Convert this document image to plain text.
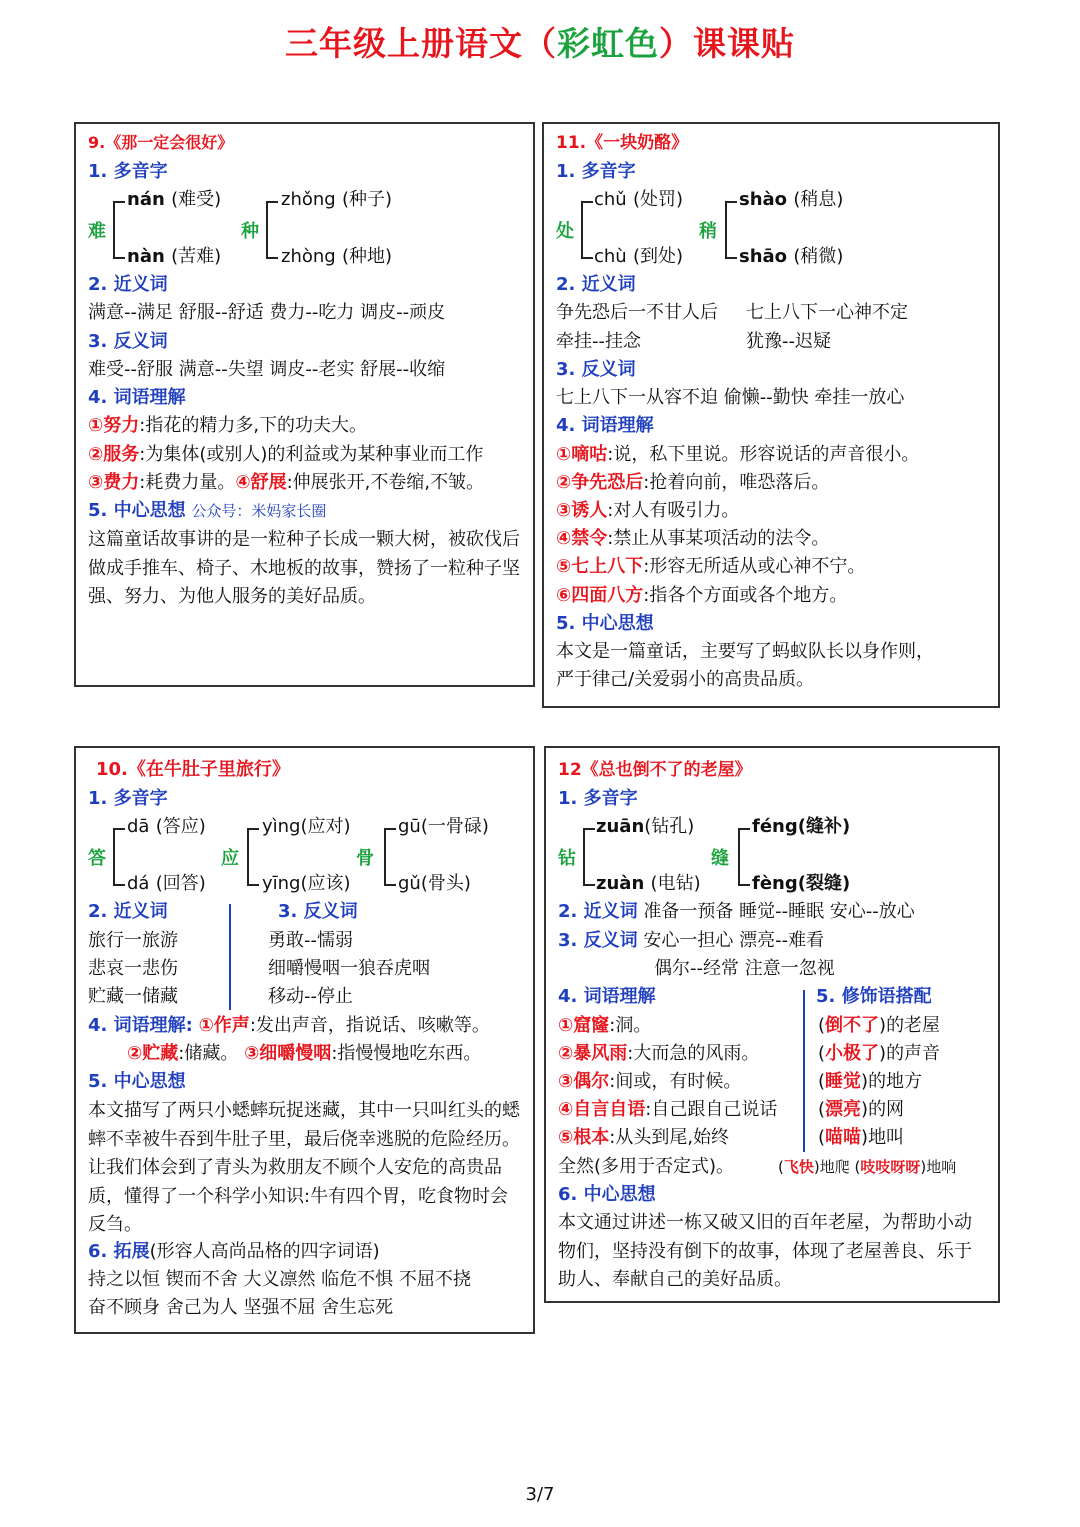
三年级上册语文（彩虹色）课课贴
9.《那一定会很好》
1. 多音字
难
nán (难受)
nàn (苦难)
种
zhǒng (种子)
zhòng (种地)
2. 近义词
满意--满足 舒服--舒适 费力--吃力 调皮--顽皮
3. 反义词
难受--舒服 满意--失望 调皮--老实 舒展--收缩
4. 词语理解
①努力:指花的精力多,下的功夫大。
②服务:为集体(或别人)的利益或为某种事业而工作
③费力:耗费力量。④舒展:伸展张开,不卷缩,不皱。
5. 中心思想 公众号：米妈家长圈
这篇童话故事讲的是一粒种子长成一颗大树，被砍伐后做成手推车、椅子、木地板的故事，赞扬了一粒种子坚强、努力、为他人服务的美好品质。
11.《一块奶酪》
1. 多音字
处
chǔ (处罚)
chù (到处)
稍
shào (稍息)
shāo (稍微)
2. 近义词
争先恐后一不甘人后 七上八下一心神不定
牵挂--挂念	犹豫--迟疑
3. 反义词
七上八下一从容不迫 偷懒--勤快 牵挂一放心
4. 词语理解
①嘀咕:说，私下里说。形容说话的声音很小。
②争先恐后:抢着向前，唯恐落后。
③诱人:对人有吸引力。
④禁令:禁止从事某项活动的法令。
⑤七上八下:形容无所适从或心神不宁。
⑥四面八方:指各个方面或各个地方。
5. 中心思想
本文是一篇童话，主要写了蚂蚁队长以身作则，
严于律己/关爱弱小的高贵品质。
10.《在牛肚子里旅行》
1. 多音字
答
dā (答应)
dá (回答)
应
yìng(应对)
yīng(应该)
骨
gū(一骨碌)
gǔ(骨头)
2. 近义词	3. 反义词
旅行一旅游
悲哀一悲伤
贮藏一储藏
勇敢--懦弱
细嚼慢咽一狼吞虎咽
移动--停止
4. 词语理解: ①作声:发出声音，指说话、咳嗽等。
②贮藏:储藏。 ③细嚼慢咽:指慢慢地吃东西。
5. 中心思想
本文描写了两只小蟋蟀玩捉迷藏，其中一只叫红头的蟋蟀不幸被牛吞到牛肚子里，最后侥幸逃脱的危险经历。让我们体会到了青头为救朋友不顾个人安危的高贵品质，懂得了一个科学小知识:牛有四个胃，吃食物时会反刍。
6. 拓展(形容人高尚品格的四字词语)
持之以恒 锲而不舍 大义凛然 临危不惧 不屈不挠
奋不顾身 舍己为人 坚强不屈 舍生忘死
12《总也倒不了的老屋》
1. 多音字
钻
zuān(钻孔)
zuàn (电钻)
缝
féng(缝补)
fèng(裂缝)
2. 近义词 准备一预备 睡觉--睡眠 安心--放心
3. 反义词 安心一担心 漂亮--难看
偶尔--经常 注意一忽视
4. 词语理解
①窟窿:洞。
②暴风雨:大而急的风雨。
③偶尔:间或，有时候。
④自言自语:自己跟自己说话
⑤根本:从头到尾,始终
全然(多用于否定式)。
5. 修饰语搭配
(倒不了)的老屋
(小极了)的声音
(睡觉)的地方
(漂亮)的网
(喵喵)地叫
(飞快)地爬 (吱吱呀呀)地响
6. 中心思想
本文通过讲述一栋又破又旧的百年老屋，为帮助小动物们，坚持没有倒下的故事，体现了老屋善良、乐于助人、奉献自己的美好品质。
3/7
